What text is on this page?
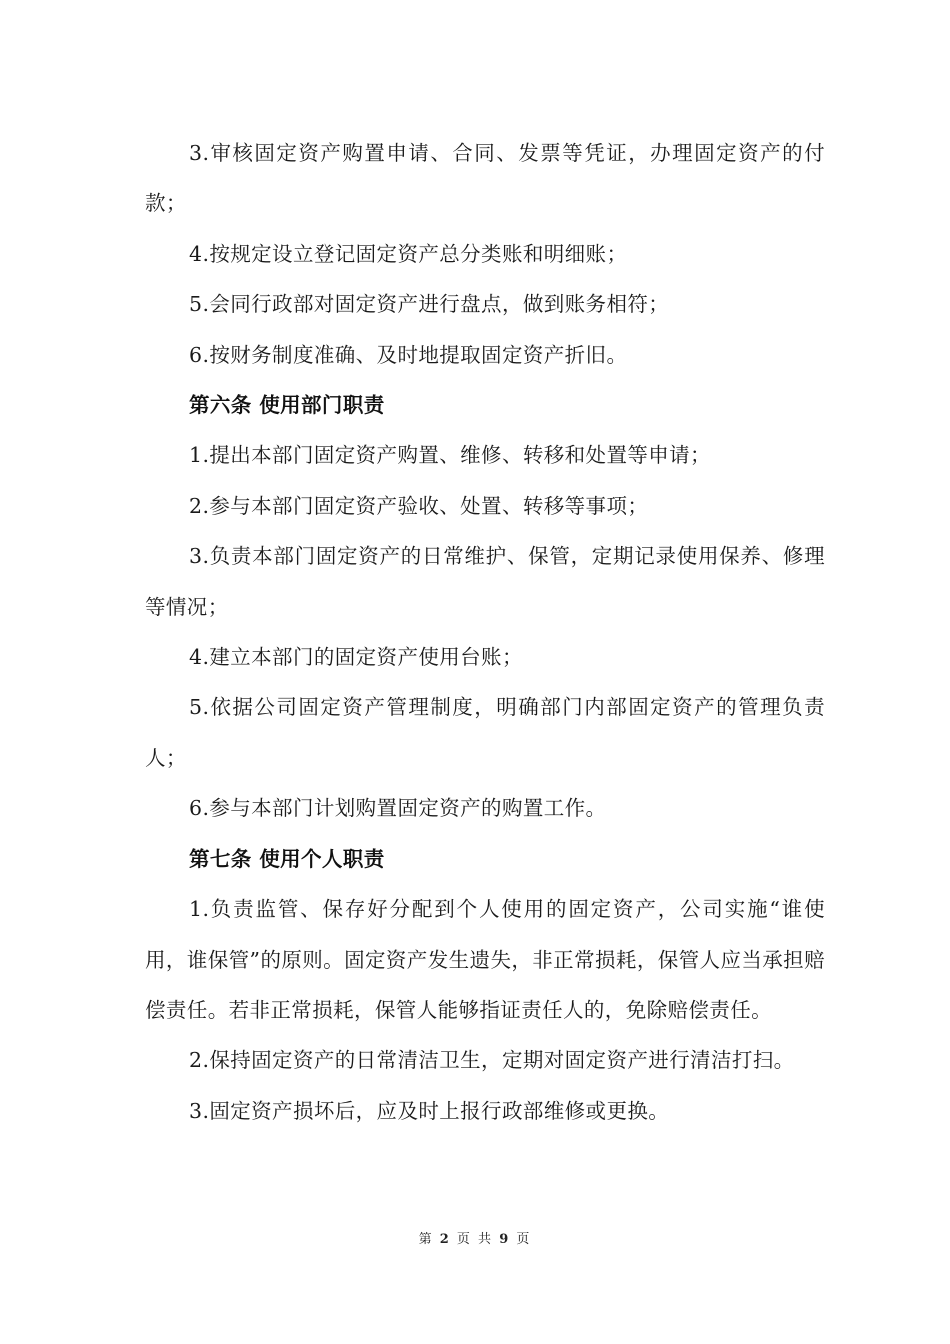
3.审核固定资产购置申请、合同、发票等凭证，办理固定资产的付款；

4.按规定设立登记固定资产总分类账和明细账；

5.会同行政部对固定资产进行盘点，做到账务相符；

6.按财务制度准确、及时地提取固定资产折旧。

第六条 使用部门职责

1.提出本部门固定资产购置、维修、转移和处置等申请；

2.参与本部门固定资产验收、处置、转移等事项；

3.负责本部门固定资产的日常维护、保管，定期记录使用保养、修理等情况；

4.建立本部门的固定资产使用台账；

5.依据公司固定资产管理制度，明确部门内部固定资产的管理负责人；

6.参与本部门计划购置固定资产的购置工作。

第七条 使用个人职责

1.负责监管、保存好分配到个人使用的固定资产，公司实施“谁使用，谁保管”的原则。固定资产发生遗失，非正常损耗，保管人应当承担赔偿责任。若非正常损耗，保管人能够指证责任人的，免除赔偿责任。

2.保持固定资产的日常清洁卫生，定期对固定资产进行清洁打扫。

3.固定资产损坏后，应及时上报行政部维修或更换。

第 2 页 共 9 页
